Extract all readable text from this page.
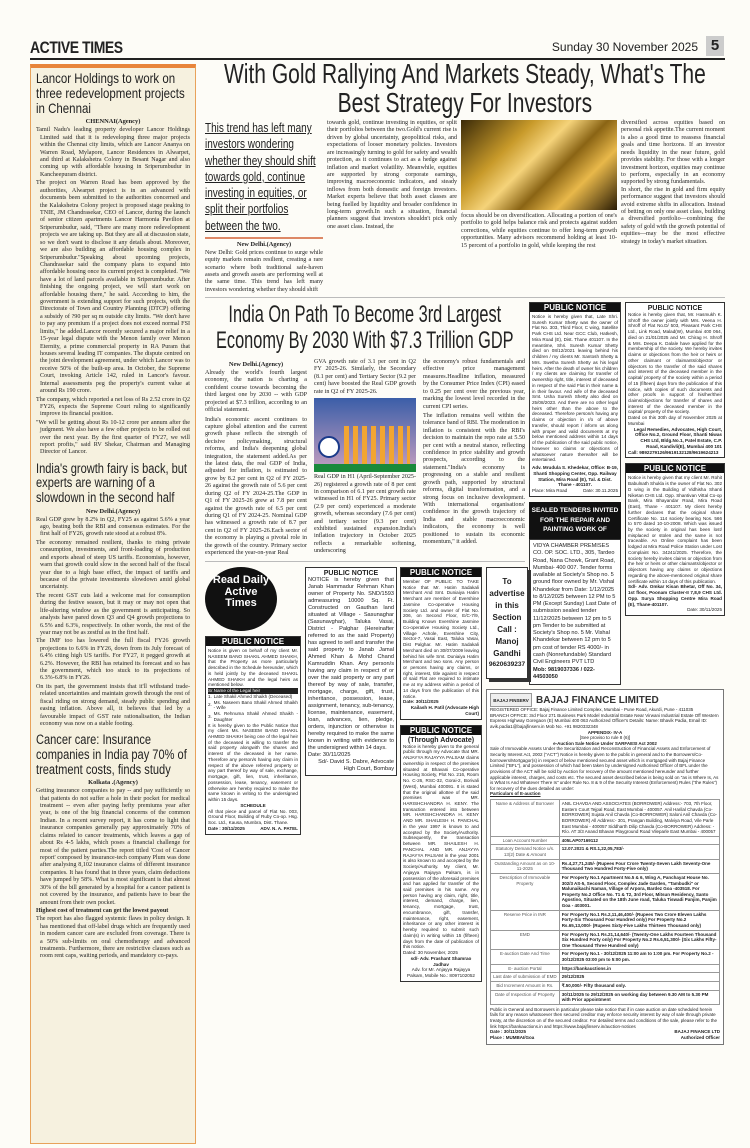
ACTIVE TIMES	Sunday 30 November 2025 5
Lancor Holdings to work on three redevelopment projects in Chennai
CHENNAI(Agency)

Tamil Nadu's leading property developer Lancor Holdings Limited said that it is redeveloping three major projects within the Chennai city limits, which are Lancor Ananya on Warren Road, Mylapore, Lancor Residences in Alwarpet, and third at Kalakshetra Colony in Besant Nagar and also coming up with affordable housing in Sriperumbudur in Kancheepuram district.

The project on Warren Road has been approved by the authorities, Alwarpet project is in an advanced with documents been submitted to the authorities concerned and the Kalakshetra Colony project is proposed stage peaking to TNIE, JM Chandrasekar, CEO of Lancor, during the launch of senior citizen apartments Lancor Harmonia Pavilion at Sriperumbudur, said, "There are many more redevelopment projects we are taking up. But they are all at discussion state, so we don't want to disclose it any details about. Moreover, we are also building an affordable housing complex in Sriperumbudur."Speaking about upcoming projects, Chandrasekar said the company plans to expand into affordable housing once its current project is completed. "We have a lot of land parcels available in Sriperumbudur. After finishing the ongoing project, we will start work on affordable housing there," he said. According to him, the government is extending support for such projects, with the Directorate of Town and Country Planning (DTCP) offering a subsidy of ?90 per sq m outside city limits. "We don't have to pay any premium if a project does not exceed normal FSI limits," he added.Lancor recently secured a major relief in a 15-year legal dispute with the Menon family over Menon Eternity, a prime commercial property in RA Puram that houses several leading IT companies. The dispute centred on the joint development agreement, under which Lancor was to receive 50% of the built-up area. In October, the Supreme Court, invoking Article 142, ruled in Lancor's favour. Internal assessments peg the property's current value at around Rs 190 crore.

The company, which reported a net loss of Rs 2.52 crore in Q2 FY26, expects the Supreme Court ruling to significantly improve its financial position.

"We will be getting about Rs 10-12 crore per annum after the judgment. We also have a few other projects to be rolled out over the next year. By the first quarter of FY27, we will report profits," said RV Shekar, Chairman and Managing Director of Lancor.

India's growth fairy is back, but experts are warning of a slowdown in the second half
New Delhi.(Agency)

Real GDP grew by 8.2% in Q2, FY25 as against 5.6% a year ago, beating both the RBI and consensus estimates. For the first half of FY26, growth rate stood at a robust 8%.

The economy remained resilient, thanks to rising private consumption, investments, and front-loading of production and exports ahead of steep US tariffs. Economists, however, warn that growth could slow in the second half of the fiscal year due to a high base effect, the impact of tariffs and because of the private investments slowdown amid global uncertainty.

The recent GST cuts laid a welcome mat for consumption during the festive season, but it may or may not open that life-altering window as the government is anticipating. So analysts have pared down Q3 and Q4 growth projections to 6.5% and 6.3%, respectively. In other words, the rest of the year may not be as zestful as in the first half.

The IMF too has lowered the full fiscal FY26 growth projections to 6.6% in FY26, down from its July forecast of 6.4% citing high US tariffs. For FY27, it pegged growth at 6.2%. However, the RBI has retained its forecast and so has the government, which too stuck to its projections of 6.3%-6.8% in FY26.

On its part, the government insists that it'll withstand trade-related uncertainties and maintain growth through the rest of fiscal riding on strong demand, steady public spending and easing inflation. Above all, it believes that led by a favourable impact of GST rate rationalisation, the Indian economy was now on a stable footing.

Cancer care: Insurance companies in India pay 70% of treatment costs, finds study
Kolkata .(Agency)

Getting insurance companies to pay -- and pay sufficiently so that patients do not suffer a hole in their pocket for medical treatment -- even after paying hefty premiums year after year, is one of the big financial concerns of the common Indian. In a recent survey report, it has come to light that insurance companies generally pay approximately 70% of claims related to cancer treatments, which leaves a gap of about Rs 4-5 lakhs, which poses a financial challenge for most of the patient parties.The report titled 'Cost of Cancer report' composed by insurance-tech company Plum was done after analysing 8,102 insurance claims of different insurance companies. It has found that in three years, claim deductions have jumped by 58%. What is most significant is that almost 30% of the bill generated by a hospital for a cancer patient is not covered by the insurance, and patients have to bear the amount from their own pocket.

Highest cost of treatment can get the lowest payout

The report has also flagged systemic flaws in policy design. It has mentioned that off-label drugs which are frequently used in modern cancer care are excluded from coverage. There is a 50% sub-limits on oral chemotherapy and advanced treatments. Furthermore, there are restrictive clauses such as room rent caps, waiting periods, and mandatory co-pays.

With Gold Rallying And Markets Steady, What's The Best Strategy For Investors
This trend has left many investors wondering whether they should shift towards gold, continue investing in equities, or split their portfolios between the two.
New Delhi.(Agency)
New Delhi: Gold prices continue to surge while equity markets remain resilient, creating a rare scenario where both traditional safe-haven assets and growth assets are performing well at the same time. This trend has left many investors wondering whether they should shift
towards gold, continue investing in equities, or split their portfolios between the two.Gold's current rise is driven by global uncertainty, geopolitical risks, and expectations of looser monetary policies. Investors are increasingly turning to gold for safety and wealth protection, as it continues to act as a hedge against inflation and market volatility. Meanwhile, equities are supported by strong corporate earnings, improving macroeconomic indicators, and steady inflows from both domestic and foreign investors. Market experts believe that both asset classes are being fuelled by liquidity and broader confidence in long-term growth.In such a situation, financial planners suggest that investors shouldn't pick only one asset class. Instead, the
focus should be on diversification. Allocating a portion of one's portfolio to gold helps balance risk and protects against sudden corrections, while equities continue to offer long-term growth opportunities. Many advisors recommend holding at least 10-15 percent of a portfolio in gold, while keeping the rest
diversified across equities based on personal risk appetite.The current moment is also a good time to reassess financial goals and time horizons. If an investor needs liquidity in the near future, gold provides stability. For those with a longer investment horizon, equities may continue to perform, especially in an economy supported by strong fundamentals.
In short, the rise in gold and firm equity performance suggest that investors should avoid extreme shifts in allocation. Instead of betting on only one asset class, building a diversified portfolio—combining the safety of gold with the growth potential of equities—may be the most effective strategy in today's market situation.
India On Path To Become 3rd Largest Economy By 2030 With $7.3 Trillion GDP
New Delhi.(Agency)
Already the world's fourth largest economy, the nation is charting a confident course towards becoming the third largest one by 2030 -- with GDP projected at $7.3 trillion, according to an official statement.
India's economic ascent continues to capture global attention and the current growth phase reflects the strength of decisive policymaking, structural reforms, and India's deepening global integration, the statement added.As per the latest data, the real GDP of India, adjusted for inflation, is estimated to grow by 8.2 per cent in Q2 of FY 2025-26 against the growth rate of 5.6 per cent during Q2 of FY 2024-25.The GDP in Q1 of FY 2025-26 grew at 7.8 per cent against the growth rate of 6.5 per cent during Q1 of FY 2024-25. Nominal GDP has witnessed a growth rate of 8.7 per cent in Q2 of FY 2025-26.Each sector of the economy is playing a pivotal role in the growth of the country. Primary sector experienced the year-on-year Real
GVA growth rate of 3.1 per cent in Q2 FY 2025-26. Similarly, the Secondary (8.1 per cent) and Tertiary Sector (9.2 per cent) have boosted the Real GDP growth rate in Q2 of FY 2025-26.
Real GDP in H1 (April-September 2025-26) registered a growth rate of 8 per cent in comparison of 6.1 per cent growth rate witnessed in H1 of FY25. Primary sector (2.9 per cent) experienced a moderate growth, whereas secondary (7.6 per cent) and tertiary sector (9.3 per cent) exhibited sustained expansion.India's inflation trajectory in October 2025 reflects a remarkable softening, underscoring
the economy's robust fundamentals and effective price management measures.Headline inflation, measured by the Consumer Price Index (CPI) eased to 0.25 per cent over the previous year, marking the lowest level recorded in the current CPI series.
The inflation remains well within the tolerance band of RBI. The moderation in inflation is consistent with the RBI's decision to maintain the repo rate at 5.50 per cent with a neutral stance, reflecting confidence in price stability and growth prospects, according to the statement."India's economy is progressing on a stable and resilient growth path, supported by structural reforms, digital transformation, and a strong focus on inclusive development. With international organisations' confidence in the growth trajectory of India and stable macroeconomic indicators, the economy is well positioned to sustain its economic momentum," it added.
PUBLIC NOTICE
Notice is hereby given that, Late Shri. Suresh Kumar Shetty was the owner of Flat No. 303, Third Floor, C wing, Satellite Park CHS Ltd. Near GCC Club, Hatkesh, Mira Road (E), Dist. Thane 401107. In the meantime, Shri. Suresh Kumar Shetty died on 08/12/2021 leaving behind his children / my clients Mr. Santosh Shetty & Mrs. Swetha Suresh Shetty as his legal heirs. After the death of owner his children / my clients are claiming for transfer of ownership right, title, interest of deceased in respect of the said Flat in their name & in their favour. And wife of the deceased Smt. Usha Suresh Shetty also died on 25/08/2023. And there are no other legal heirs other than the above to the deceased. Therefore person/s having any claims or objection in r/o of above transfer, should report / inform us along with proper and valid documents at my below mentioned address within 14 days of the publication of the said public notice, however no claims or objections of whatsoever nature thereafter will be entertained.
Adv. Mrudula S. Khedekar, Office: B-19, Shanti Shopping Center, Opp. Railway Station, Mira Road (E), Tal. & Dist. Thane - 401107.
Place: Mira Road	Date: 30.11.2025
SEALED TENDERS INVITED FOR THE REPAIR AND PAINTING WORK OF
VIDYA CHAMBER PREMISES CO. OP. SOC. LTD., 305, Tardeo Road, Nana Chowk, Grant Road, Mumbai- 400 007. Tender forms available at Society's Shop no. 5 ground floor owned by Mr. Vishal Khandekar from Date: 1/12/2025 to 8/12/2025 between 12 PM to 5 PM (Except Sunday) Last Date of submission sealed tender 11/12/2025 between 12 pm to 5 pm Tender to be submitted at Society's Shop no. 5 Mr. Vishal Khandekar between 12 pm to 5 pm cost of tender RS 4000/- in cash (Nonrefundable) Standard Civil Engineers PVT LTD
Mob: 9819037336 / 022-44503050
PUBLIC NOTICE
Notice is hereby given that, Mr. Hasmukh K. Shroff the owner jointly with Mrs. Veena H. Shroff of Flat No.D/ 503, Pleasant Park CHS Ltd., Link Road, Malad(W), Mumbai 400 064, died on 21/01/2025 and Mr. Chirag H. Shroff & Mrs. Deepa K. Dalale have applied for the membership of the society. We hereby invites claims or objections from the heir or heirs or other claimant or claimants/objector or objectors to the transfer of the said shares and interest of the deceased member in the capital/ property of the society within a period of 15 (fifteen) days from the publication of this notice, with copies of such documents and other proofs in support of his/her/their claims/objections for transfer of shares and interest of the deceased member in the capital/ property of the society.
Dated on this 30th day of November 2025 at Mumbai
Legal Remedies, Advocates, High Court, Office No.2, Ground Floor, Shanti Niwas CHS Ltd, Bldg.No.1, Patel Estate, C.P. Road, Kandivli(E), Mumbai 400 101
Call: 9892279126/9619132128/9619624213
PUBLIC NOTICE
Notice is hereby given that my client Mr. Rohit Babulnath Shukla is the owner of Flat No. 302 D wing in the Building of Vidhisha Shanti Niketan CHS Ltd. Opp. Shantivan Vittal Co-op Bank, Mira Bhayandar Road, Mira Road (East), Thane - 401107. My client hereby further declares that the original share Certificate No. 114 society bearing Nos. 566 to 570 dated 10-10-2008. Which was issued by the society in original has been lost/ misplaced or stolen and the same is not traceable. An Online complaint has been lodged at Mira Road Police Station under Lost Complaint No. 34241/2025. Therefore, the society hereby invites claims or objection from the heir or heirs or other claimants/objector or objectors having any claims or objections regarding the above-mentioned original share certificate within 14 days of this publication.
Sd/- Adv. Omkar Kisan Bhetar, Off No. 34, 1st floor, Poonam Cluster-II 7,8,9 CHS Ltd. Opp. Surya Shopping Centre Mira Road (E), Thane-401107.
Date: 30/11/2025
Read Daily Active Times
PUBLIC NOTICE
Notice is given on behalf of my client Mr. NASEEM BANO SHAKIL AHMED SHAIKH, that the Property as more particularly described in the Schedule hereunder, which is held jointly by the deceased SHAKIL AHMED SHAIKH and the legal heirs as mentioned below.
Sr.	Name of the Legal heir
1.	Late Shakil Ahmed Shaikh (Deceased)
2.	Ms. Naseem Bano Shakil Ahmed Shaikh - Wife
3.	Ms. Rehnuma Shakil Ahmed Shaikh - Daughter
It is hereby given to the Public Notice that my client Ms. NASEEM BANO SHAKIL AHMED SHAIKH being one of the legal heir of the deceased is willing to transfer the said property alongwith the shares and interest of the deceased in her name. Therefore any person/s having any claim in respect of the above referred property or any part thereof by way of sale, exchange, mortgage, gift, lien, trust, inheritance, possession, lease, tenancy, easement or otherwise are hereby required to make the same known in writing to the undersigned within 15 days.
SCHEDULE
All that piece and parcel of Flat No. 003, Ground Floor, Building of Ruby Co-op. Hsg. Soc. Ltd., Kausa, Mumbra, Dist. Thane.
Date : 30/11/2025	ADV. N. A. PATEL
PUBLIC NOTICE
NOTICE is hereby given that Janab Hammadur Rehman Khan owner of Property No. SND/1593 admeasuring 10000 Sq. Ft. Constructed on Gauthan land situated at Village - Sasunaghar (Sasunavghar), Taluka Vasai, District - Palghar (Hereinafter referred to as the said Property) has agreed to sell and transfer the said property to Janab Jamal Ahmed Khan & Mohd Chand Kamruddin Khan. Any person/s having any claim in respect of or over the said property or any part thereof by way of sale, transfer, mortgage, charge, gift, trust, inheritance, possession, lease, assignment, tenancy, sub-tenancy, license, maintenance, easement, loan, advances, lien, pledge, orders, injunction or otherwise is hereby required to make the same known in writing with evidence to the undersigned within 14 days.
Date: 30/11/2025
Sd/- David S. Dabre, Advocate High Court, Bombay
PUBLIC NOTICE
Member OF PUBLIC TO TAKE Notice that Mr. Hatim Sadakali Merchant And Smt. Duniaiya Hatim Merchant are member of Evershine Jasmine Co-operative Housing Society Ltd. and owner of Flat No. 206, on Second Floor, E/C-7/9, Building Known Evershine Jasmine Co-operative Housing Society Ltd., Village Achole, Evershine City, Sector-7, Vasai East, Taluka Vasai, Dist Palghar. Mr. Hatim Sadakali Merchant died on 30/07/2009 leaving behind his wife Smt. Duniaiya Hatim Merchant and two sons. Any person or persons having any claims, or right, interest, title against in respect of said Flat are required to intimate me at my address within a period of 14 days from the publication of this notice.
Date: 30/11/2025
Kailash H. Patil (Advocate High Court)
PUBLIC NOTICE
(Through Advocate)
Notice is hereby given to the general public through my Advocate that MR. ANJAYYA RAJAYYA PALSAM claims ownership in respect of the premises situated at Bhavani Co-operative Housing Society, Plot No. 216, Room No. C-26, RSC-32, Gorai-2, Borivali (West), Mumbai 400091. It is stated that the original allottee of the said premises was MR. HARISHCHANDRA H. KENY. The transaction entered into between MR. HARISHCHANDRA H. KENY AND MR. SHAILESH H. PANCHAL in the year 1997 is known to and accepted by the Society/Authority. Subsequently, the transaction between MR. SHAILESH H. PANCHAL AND MR. ANJAYYA RAJAYYA PALSAM in the year 2001 is also known to and accepted by the Society/Authority. My client, Mr. Anjayya Rajayya Palsam, is in possession of the aforesaid premises and has applied for transfer of the said premises in his name. Any person having any claim, right, title, interest, demand, charge, lien, tenancy, mortgage, trust, encumbrance, gift, transfer, maintenance, right, easement, inheritance or any other interest is hereby required to submit such claim(s) in writing within 15 (fifteen) days from the date of publication of this notice.
Dated: 30 November, 2025
sd/- Adv. Prashant Shamrao Jadhav
Adv. for Mr. Anjayya Rajayya Palsam, Mobile No.: 8097102052
To advertise in this Section
Call :
Manoj Gandhi
9620639237
BAJAJ FINSERV BAJAJ FINANCE LIMITED
REGISTERED OFFICE: Bajaj Finance Limited Complex, Mumbai - Pune Road, Akurdi, Pune - 411035
BRANCH OFFICE: 3rd Floor 271 Business Park Model Industrial Estate Near Virwani Industrial Estate Off Western Express Highway Goregaon (E) Mumbai 400 063 Authorized Officer's Details: Name: Bhavik Padia, Email ID: avik.padia1@bajajfinserv.in Mob No. +91 9820332348
APPENDIX- IV-A
[See proviso to rule 8 (6)]
e-Auction Sale Notice Under SARFAESI Act 2002
Sale of Immovable Assets Under the Securitization and Reconstruction of Financial Assets and Enforcement of Security Interest Act, 2002 ("ACT") Notice is hereby given to the public in general and to the Borrowers/Co-borrowers/Mortgagor(s) in respect of below mentioned secured asset which is mortgaged with Bajaj Finance Limited ("BFL"), and possession of which had been taken by undersigned Authorised Officer of BFL under the provisions of the ACT will be sold by Auction for recovery of the amount mentioned hereunder and further applicable interest, charges, and costs etc. The secured asset described below is being sold on "as is Where Is, As is What Is And Whatever There Is" under Rule No. 8 & 9 of the Security Interest (Enforcement) Rules ("the Rules") for recovery of the dues detailed as under:
Particulars of E-auction
Name & Address of Borrower	ANIL CHAVDA AND ASSOCIATES (BORROWER) Address:- 703, 7th Floor, Eastern Court Tejpal Road, East Mumbai - 400057. Anil Harilal Chavda (Co-BORROWER) Sujata Anil Chavda (Co-BORROWER) Saloni Anil Chavda (Co-BORROWER) All Address:- 301, Prangan Building, Malviya Road, Vile Parle East Mumbai - 400057 Siddharth Dilip Chavda (Co-BORROWER) Address: - R/o. AT 3/3 Anand Bhavan Playground Road Vileparle East Mumbai - 400057
Loan Account Number	405LAP07169112
Statutory Demand Notice u/s. 13(2) Date & Amount	12.07.2021 & RS.1,22,05,783/-
Outstanding Amount as on 10-11-2025	Rs.4,27,71,245/- (Rupees Four Crore Twenty-Seven Lakh Seventy-One Thousand Two Hundred Forty-Five only)
Description of Immovable Property	For Property No.1 Apartment No.5 & 6, Wing A, Panchayat House No. 302/3 AS-5, Second Floor, Complex Jade Garden, "Tambudki" or Malunaikachi Naman, Village of Arpora, Bardez Goa -403518. For Property No.2 Office No. T1 & T2, 3rd Floor, Mitsun Residency, Santo Agostino, Situated on the 18th June road, Taluka Tiswadi Panjim, Panjim Goa - 403001.
Reserve Price in INR	For Property No.1 Rs.2,11,46,400/- (Rupees Two Crore Eleven Lakhs Forty-Six Thousand Four Hundred only) For Property No.2 Rs.65,13,000/- (Rupees Sixty-Five Lakhs Thirteen Thousand only)
EMD	For Property No.1 Rs.21,14,640/- (Twenty-One Lakhs Fourteen Thousand Six Hundred Forty only) For Property No.2 Rs.6,51,300/- (Six Lakhs Fifty-One Thousand Three Hundred only)
E-auction Date And Time	For Property No.1 - 30/12/2025 11:00 am to 1:00 pm. For Property No.2 - 30/12/2025 03:00 pm to 5:00 pm.
E- auction Portal	https://bankauctions.in
Last date of submission of EMD	29/12/2025
Bid Increment Amount in Rs.	₹.50,000/- Fifty thousand only.
Date of Inspection of Property	30/11/2025 to 29/12/2025 on working day between 9.30 AM to 5.30 PM with Prior appointment
Public in General and Borrowers in particular please take notice that if in case auction on date scheduled herein fails for any reason whatsoever then secured creditor may enforce security interest by way of sale through private treaty, at the discretion on of the secured creditor. For detailed terms and conditions of the sale, please refer to the link https://bankauctions.in and https://www.bajajfinserv.in/auction-notices
Date : 30/11/2025
Place : MUMBAI/Goa
BAJAJ FINANCE LTD
Authorized Officer
